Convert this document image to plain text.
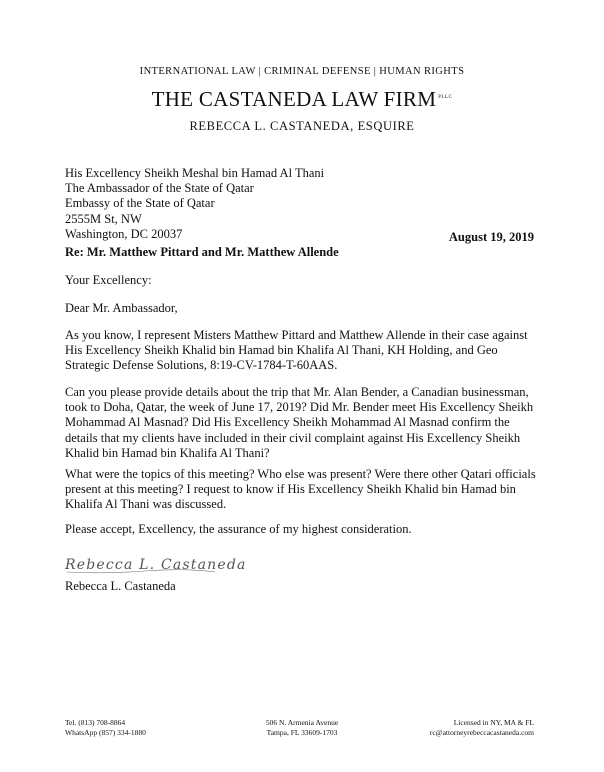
INTERNATIONAL LAW | CRIMINAL DEFENSE | HUMAN RIGHTS
THE CASTANEDA LAW FIRM $^{PLLC}$
REBECCA L. CASTANEDA, ESQUIRE
His Excellency Sheikh Meshal bin Hamad Al Thani
The Ambassador of the State of Qatar
Embassy of the State of Qatar
2555M St, NW
Washington, DC 20037	August 19, 2019
Re: Mr. Matthew Pittard and Mr. Matthew Allende
Your Excellency:
Dear Mr. Ambassador,
As you know, I represent Misters Matthew Pittard and Matthew Allende in their case against His Excellency Sheikh Khalid bin Hamad bin Khalifa Al Thani, KH Holding, and Geo Strategic Defense Solutions, 8:19-CV-1784-T-60AAS.
Can you please provide details about the trip that Mr. Alan Bender, a Canadian businessman, took to Doha, Qatar, the week of June 17, 2019? Did Mr. Bender meet His Excellency Sheikh Mohammad Al Masnad? Did His Excellency Sheikh Mohammad Al Masnad confirm the details that my clients have included in their civil complaint against His Excellency Sheikh Khalid bin Hamad bin Khalifa Al Thani?
What were the topics of this meeting? Who else was present? Were there other Qatari officials present at this meeting? I request to know if His Excellency Sheikh Khalid bin Hamad bin Khalifa Al Thani was discussed.
Please accept, Excellency, the assurance of my highest consideration.
Rebecca L. Castaneda
Rebecca L. Castaneda
Tel. (813) 708-8864
WhatsApp (857) 334-1880
506 N. Armenia Avenue
Tampa, FL 33609-1703
Licensed in NY, MA & FL
rc@attorneyrebeccacastaneda.com
